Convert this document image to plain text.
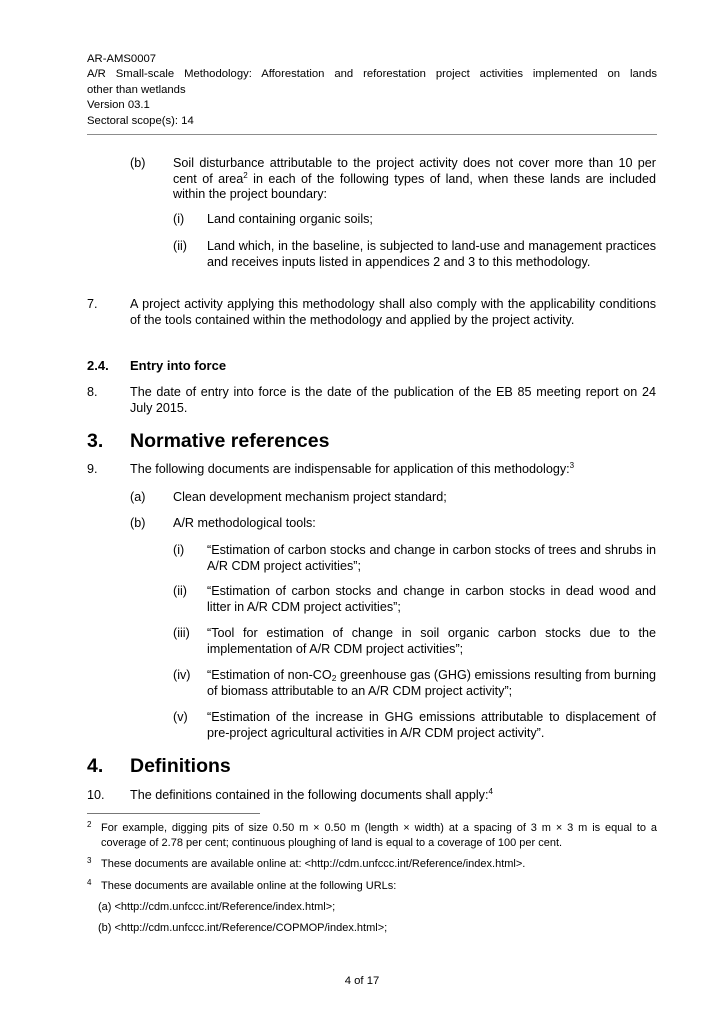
AR-AMS0007
A/R Small-scale Methodology: Afforestation and reforestation project activities implemented on lands
other than wetlands
Version 03.1
Sectoral scope(s): 14
(b) Soil disturbance attributable to the project activity does not cover more than 10 per cent of area$^2$ in each of the following types of land, when these lands are included within the project boundary:
(i) Land containing organic soils;
(ii) Land which, in the baseline, is subjected to land-use and management practices and receives inputs listed in appendices 2 and 3 to this methodology.
7.	A project activity applying this methodology shall also comply with the applicability conditions of the tools contained within the methodology and applied by the project activity.
2.4. Entry into force
8.	The date of entry into force is the date of the publication of the EB 85 meeting report on 24 July 2015.
3. Normative references
9.	The following documents are indispensable for application of this methodology:$^3$
(a) Clean development mechanism project standard;
(b) A/R methodological tools:
(i) “Estimation of carbon stocks and change in carbon stocks of trees and shrubs in A/R CDM project activities”;
(ii) “Estimation of carbon stocks and change in carbon stocks in dead wood and litter in A/R CDM project activities”;
(iii) “Tool for estimation of change in soil organic carbon stocks due to the implementation of A/R CDM project activities”;
(iv) “Estimation of non-$CO_2$ greenhouse gas (GHG) emissions resulting from burning of biomass attributable to an A/R CDM project activity”;
(v) “Estimation of the increase in GHG emissions attributable to displacement of pre-project agricultural activities in A/R CDM project activity”.
4. Definitions
10. The definitions contained in the following documents shall apply:$^4$
2 For example, digging pits of size 0.50 m × 0.50 m (length × width) at a spacing of 3 m × 3 m is equal to a coverage of 2.78 per cent; continuous ploughing of land is equal to a coverage of 100 per cent.
3 These documents are available online at: <http://cdm.unfccc.int/Reference/index.html>.
4 These documents are available online at the following URLs:
(a) <http://cdm.unfccc.int/Reference/index.html>;
(b) <http://cdm.unfccc.int/Reference/COPMOP/index.html>;
4 of 17
